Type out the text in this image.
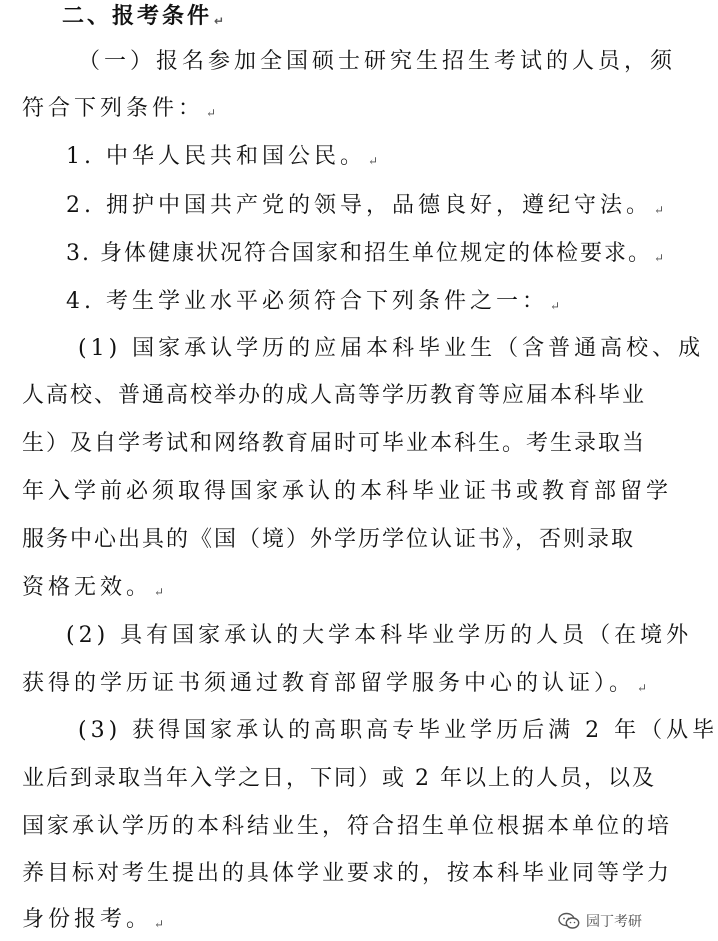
二、报考条件 ↵
（一）报名参加全国硕士研究生招生考试的人员，须
符合下列条件： ↵
1. 中华人民共和国公民。 ↵
2. 拥护中国共产党的领导，品德良好，遵纪守法。 ↵
3. 身体健康状况符合国家和招生单位规定的体检要求。 ↵
4. 考生学业水平必须符合下列条件之一： ↵
(1) 国家承认学历的应届本科毕业生（含普通高校、成
人高校、普通高校举办的成人高等学历教育等应届本科毕业
生）及自学考试和网络教育届时可毕业本科生。考生录取当
年入学前必须取得国家承认的本科毕业证书或教育部留学
服务中心出具的《国（境）外学历学位认证书》，否则录取
资格无效。 ↵
(2) 具有国家承认的大学本科毕业学历的人员（在境外
获得的学历证书须通过教育部留学服务中心的认证）。 ↵
(3) 获得国家承认的高职高专毕业学历后满 2 年（从毕
业后到录取当年入学之日，下同）或 2 年以上的人员，以及
国家承认学历的本科结业生，符合招生单位根据本单位的培
养目标对考生提出的具体学业要求的，按本科毕业同等学力
身份报考。 ↵	园丁考研
